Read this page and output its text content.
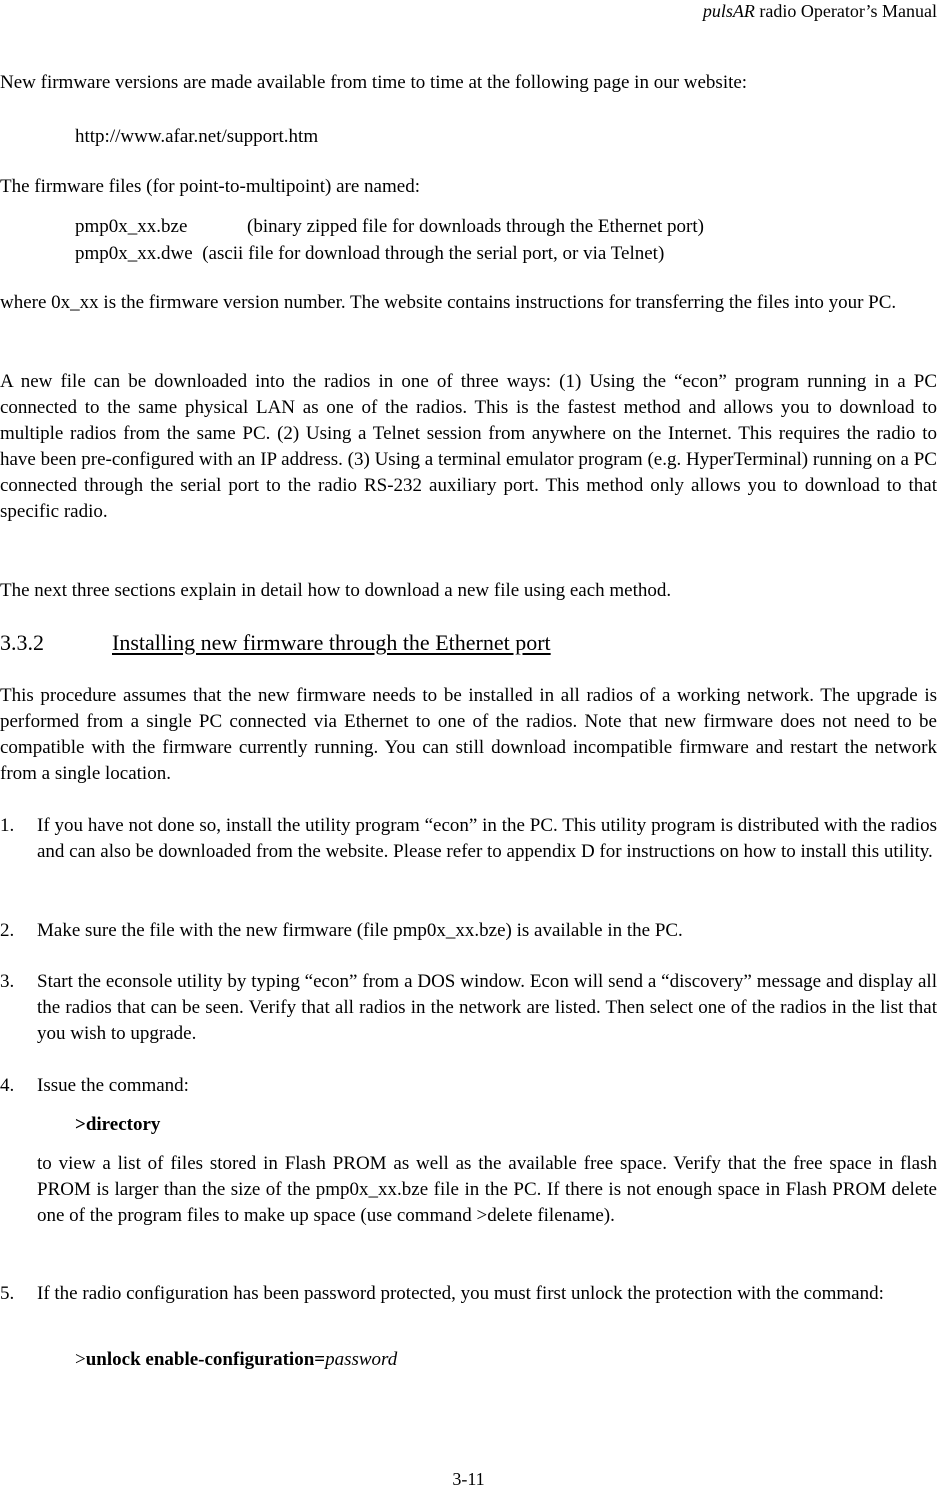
pulsAR radio Operator’s Manual

New firmware versions are made available from time to time at the following page in our website:

http://www.afar.net/support.htm

The firmware files (for point-to-multipoint) are named:

pmp0x_xx.bze	(binary zipped file for downloads through the Ethernet port)

pmp0x_xx.dwe (ascii file for download through the serial port, or via Telnet)

where 0x_xx is the firmware version number. The website contains instructions for transferring the files into your PC.

A new file can be downloaded into the radios in one of three ways: (1) Using the “econ” program running in a PC connected to the same physical LAN as one of the radios. This is the fastest method and allows you to download to multiple radios from the same PC. (2) Using a Telnet session from anywhere on the Internet. This requires the radio to have been pre-configured with an IP address. (3) Using a terminal emulator program (e.g. HyperTerminal) running on a PC connected through the serial port to the radio RS-232 auxiliary port. This method only allows you to download to that specific radio.

The next three sections explain in detail how to download a new file using each method.

3.3.2	Installing new firmware through the Ethernet port

This procedure assumes that the new firmware needs to be installed in all radios of a working network. The upgrade is performed from a single PC connected via Ethernet to one of the radios. Note that new firmware does not need to be compatible with the firmware currently running. You can still download incompatible firmware and restart the network from a single location.

1. If you have not done so, install the utility program “econ” in the PC. This utility program is distributed with the radios and can also be downloaded from the website. Please refer to appendix D for instructions on how to install this utility.

2. Make sure the file with the new firmware (file pmp0x_xx.bze) is available in the PC.

3. Start the econsole utility by typing “econ” from a DOS window. Econ will send a “discovery” message and display all the radios that can be seen. Verify that all radios in the network are listed. Then select one of the radios in the list that you wish to upgrade.

4. Issue the command:

>directory

to view a list of files stored in Flash PROM as well as the available free space. Verify that the free space in flash PROM is larger than the size of the pmp0x_xx.bze file in the PC. If there is not enough space in Flash PROM delete one of the program files to make up space (use command >delete filename).

5. If the radio configuration has been password protected, you must first unlock the protection with the command:

>unlock enable-configuration=password
3-11
